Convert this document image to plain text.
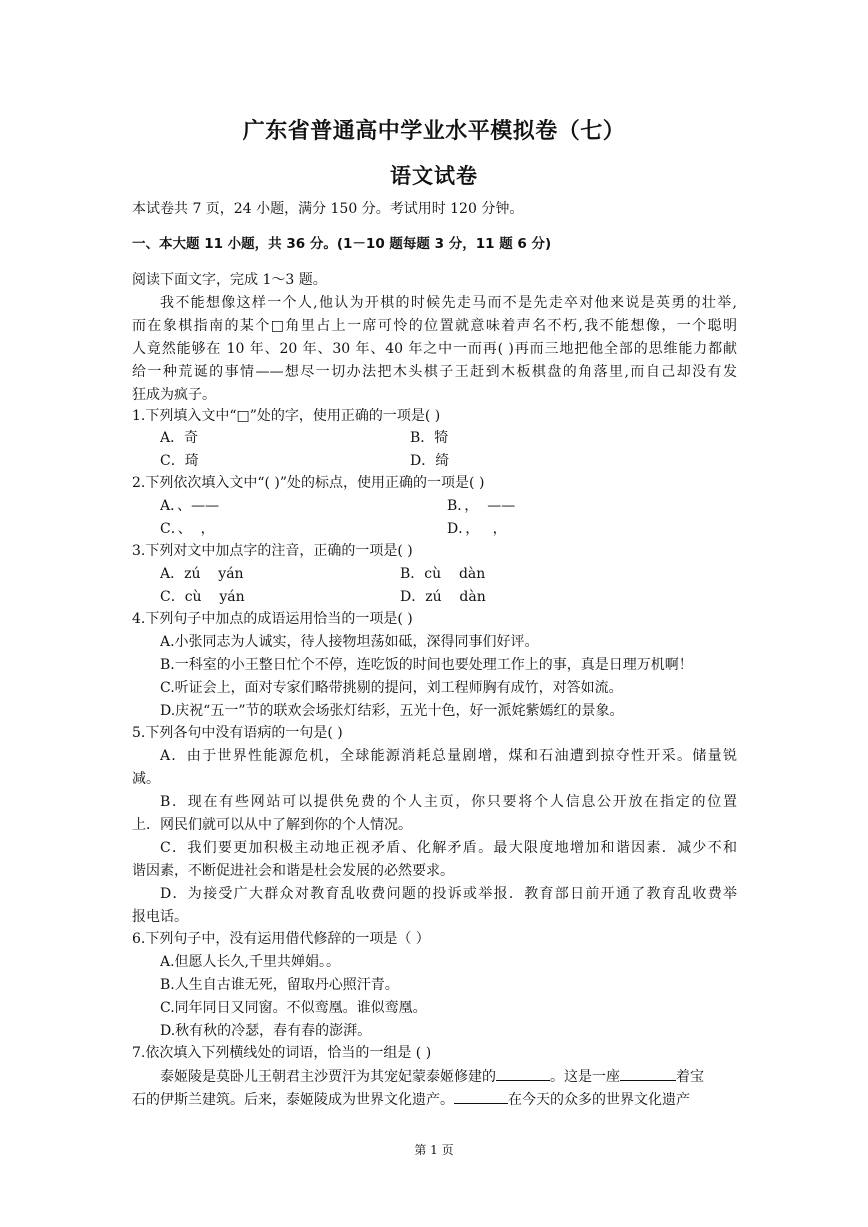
广东省普通高中学业水平模拟卷（七）
语文试卷
本试卷共 7 页，24 小题，满分 150 分。考试用时 120 分钟。
一、本大题 11 小题，共 36 分。(1－10 题每题 3 分，11 题 6 分)
阅读下面文字，完成 1～3 题。
我不能想像这样一个人,他认为开棋的时候先走马而不是先走卒对他来说是英勇的壮举,
而在象棋指南的某个□角里占上一席可怜的位置就意味着声名不朽,我不能想像，一个聪明
人竟然能够在 10 年、20 年、30 年、40 年之中一而再( )再而三地把他全部的思维能力都献
给一种荒诞的事情——想尽一切办法把木头棋子王赶到木板棋盘的角落里,而自己却没有发
狂成为疯子。
1.下列填入文中“□”处的字，使用正确的一项是( )
A．奇	B．犄
C．琦	D．绮
2.下列依次填入文中“( )”处的标点，使用正确的一项是( )
A．、——	B．，  ——
C．、  ，	D．，   ，
3.下列对文中加点字的注音，正确的一项是( )
A．zú    yán	B．cù    dàn
C．cù    yán	D．zú    dàn
4.下列句子中加点的成语运用恰当的一项是( )
A.小张同志为人诚实，待人接物坦荡如砥，深得同事们好评。
B.一科室的小王整日忙个不停，连吃饭的时间也要处理工作上的事，真是日理万机啊！
C.听证会上，面对专家们略带挑剔的提问，刘工程师胸有成竹，对答如流。
D.庆祝“五一”节的联欢会场张灯结彩，五光十色，好一派姹紫嫣红的景象。
5.下列各句中没有语病的一句是( )
A．由于世界性能源危机，全球能源消耗总量剧增，煤和石油遭到掠夺性开采。储量锐
减。
B．现在有些网站可以提供免费的个人主页，你只要将个人信息公开放在指定的位置
上．网民们就可以从中了解到你的个人情况。
C．我们要更加积极主动地正视矛盾、化解矛盾。最大限度地增加和谐因素．减少不和
谐因素，不断促进社会和谐是杜会发展的必然要求。
D．为接受广大群众对教育乱收费问题的投诉或举报．教育部日前开通了教育乱收费举
报电话。
6.下列句子中，没有运用借代修辞的一项是（ ）
A.但愿人长久,千里共婵娟。。
B.人生自古谁无死，留取丹心照汗青。
C.同年同日又同窗。不似鸾凰。谁似鸾凰。
D.秋有秋的冷瑟，春有春的澎湃。
7.依次填入下列横线处的词语，恰当的一组是 ( )
泰姬陵是莫卧儿王朝君主沙贾汗为其宠妃蒙泰姬修建的	。这是一座	着宝
石的伊斯兰建筑。后来，泰姬陵成为世界文化遗产。	在今天的众多的世界文化遗产
第 1 页
